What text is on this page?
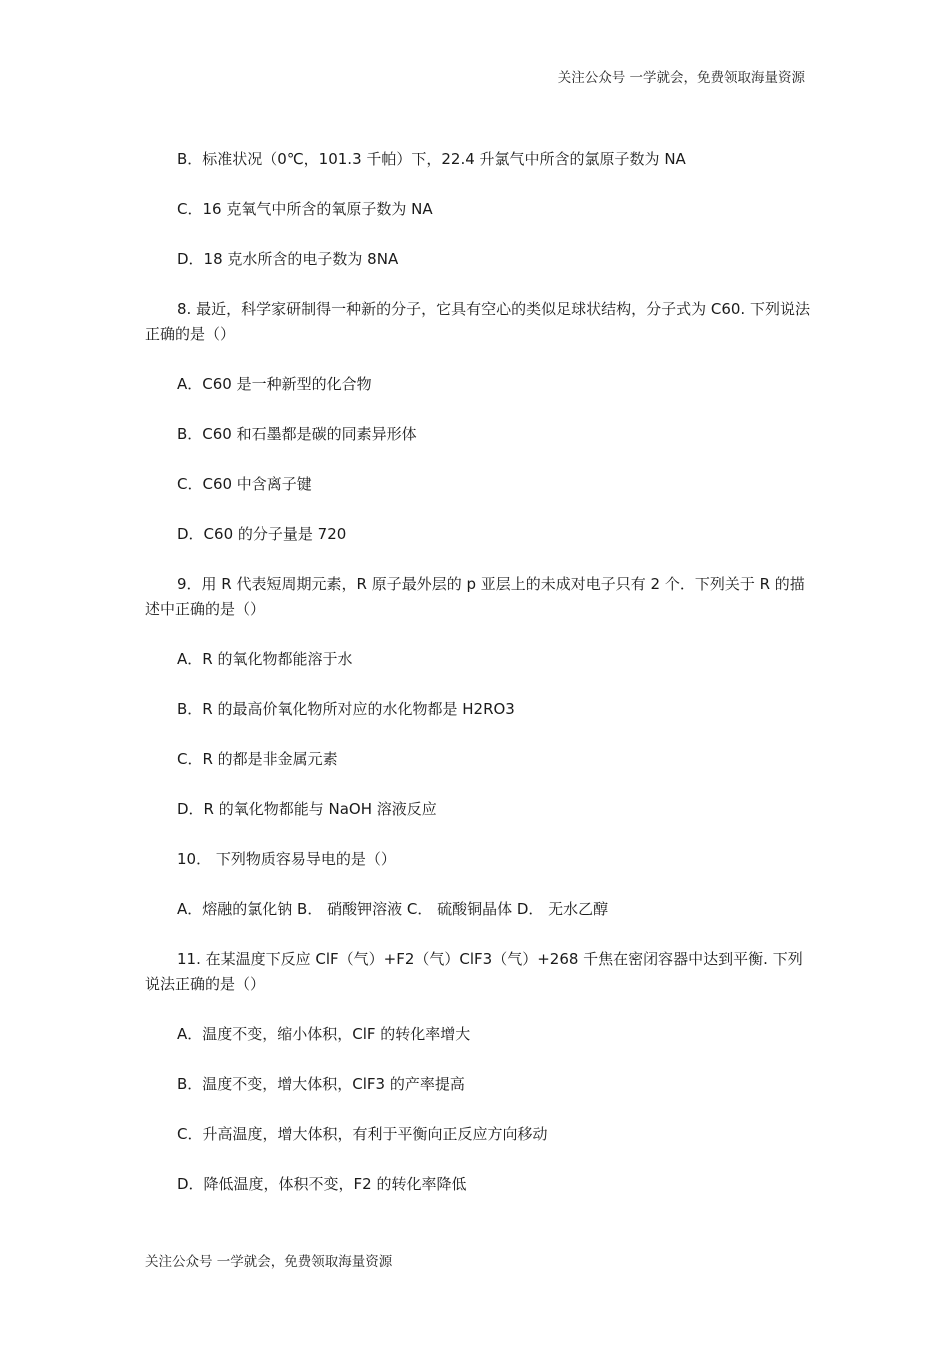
关注公众号 一学就会，免费领取海量资源
B．标准状况（0℃，101.3 千帕）下，22.4 升氯气中所含的氯原子数为 NA
C．16 克氧气中所含的氧原子数为 NA
D．18 克水所含的电子数为 8NA
8. 最近，科学家研制得一种新的分子，它具有空心的类似足球状结构，分子式为 C60. 下列说法正确的是（）
A．C60 是一种新型的化合物
B．C60 和石墨都是碳的同素异形体
C．C60 中含离子键
D．C60 的分子量是 720
9．用 R 代表短周期元素，R 原子最外层的 p 亚层上的未成对电子只有 2 个．下列关于 R 的描述中正确的是（）
A．R 的氧化物都能溶于水
B．R 的最高价氧化物所对应的水化物都是 H2RO3
C．R 的都是非金属元素
D．R 的氧化物都能与 NaOH 溶液反应
10． 下列物质容易导电的是（）
A．熔融的氯化钠 B． 硝酸钾溶液 C． 硫酸铜晶体 D． 无水乙醇
11. 在某温度下反应 ClF（气）+F2（气）ClF3（气）+268 千焦在密闭容器中达到平衡. 下列说法正确的是（）
A．温度不变，缩小体积，ClF 的转化率增大
B．温度不变，增大体积，ClF3 的产率提高
C．升高温度，增大体积，有利于平衡向正反应方向移动
D．降低温度，体积不变，F2 的转化率降低
关注公众号 一学就会，免费领取海量资源
